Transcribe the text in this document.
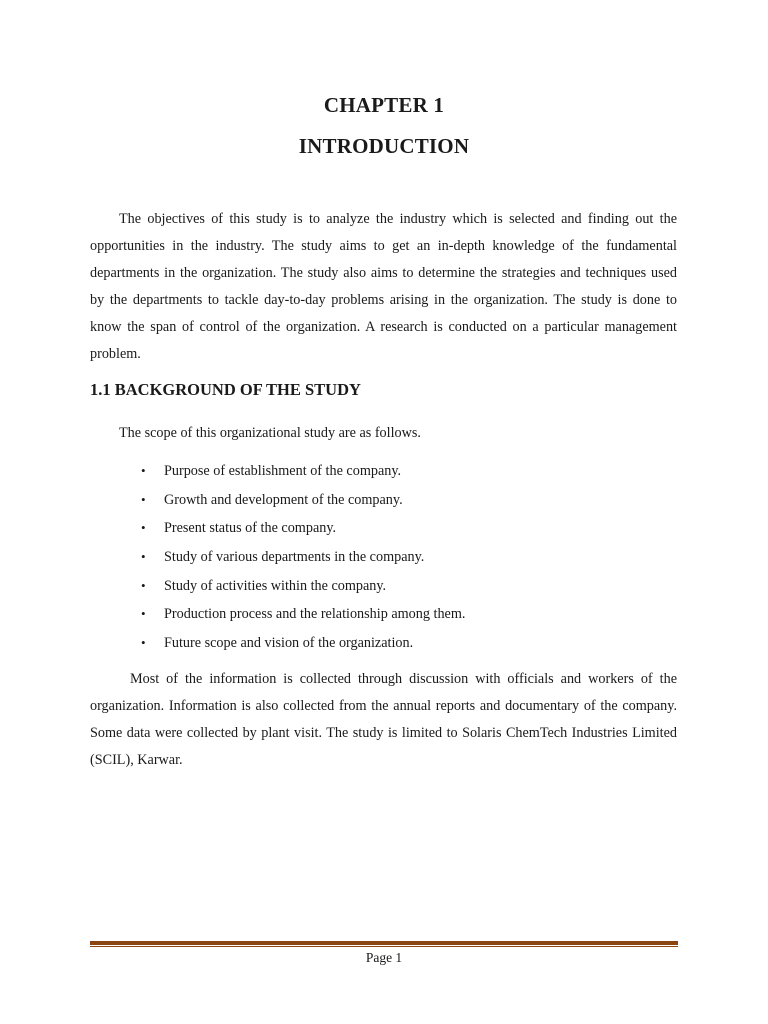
CHAPTER 1
INTRODUCTION
The objectives of this study is to analyze the industry which is selected and finding out the opportunities in the industry. The study aims to get an in-depth knowledge of the fundamental departments in the organization. The study also aims to determine the strategies and techniques used by the departments to tackle day-to-day problems arising in the organization. The study is done to know the span of control of the organization. A research is conducted on a particular management problem.
1.1 BACKGROUND OF THE STUDY
The scope of this organizational study are as follows.
• Purpose of establishment of the company.
• Growth and development of the company.
• Present status of the company.
• Study of various departments in the company.
• Study of activities within the company.
• Production process and the relationship among them.
• Future scope and vision of the organization.
Most of the information is collected through discussion with officials and workers of the organization. Information is also collected from the annual reports and documentary of the company. Some data were collected by plant visit. The study is limited to Solaris ChemTech Industries Limited (SCIL), Karwar.
Page 1
